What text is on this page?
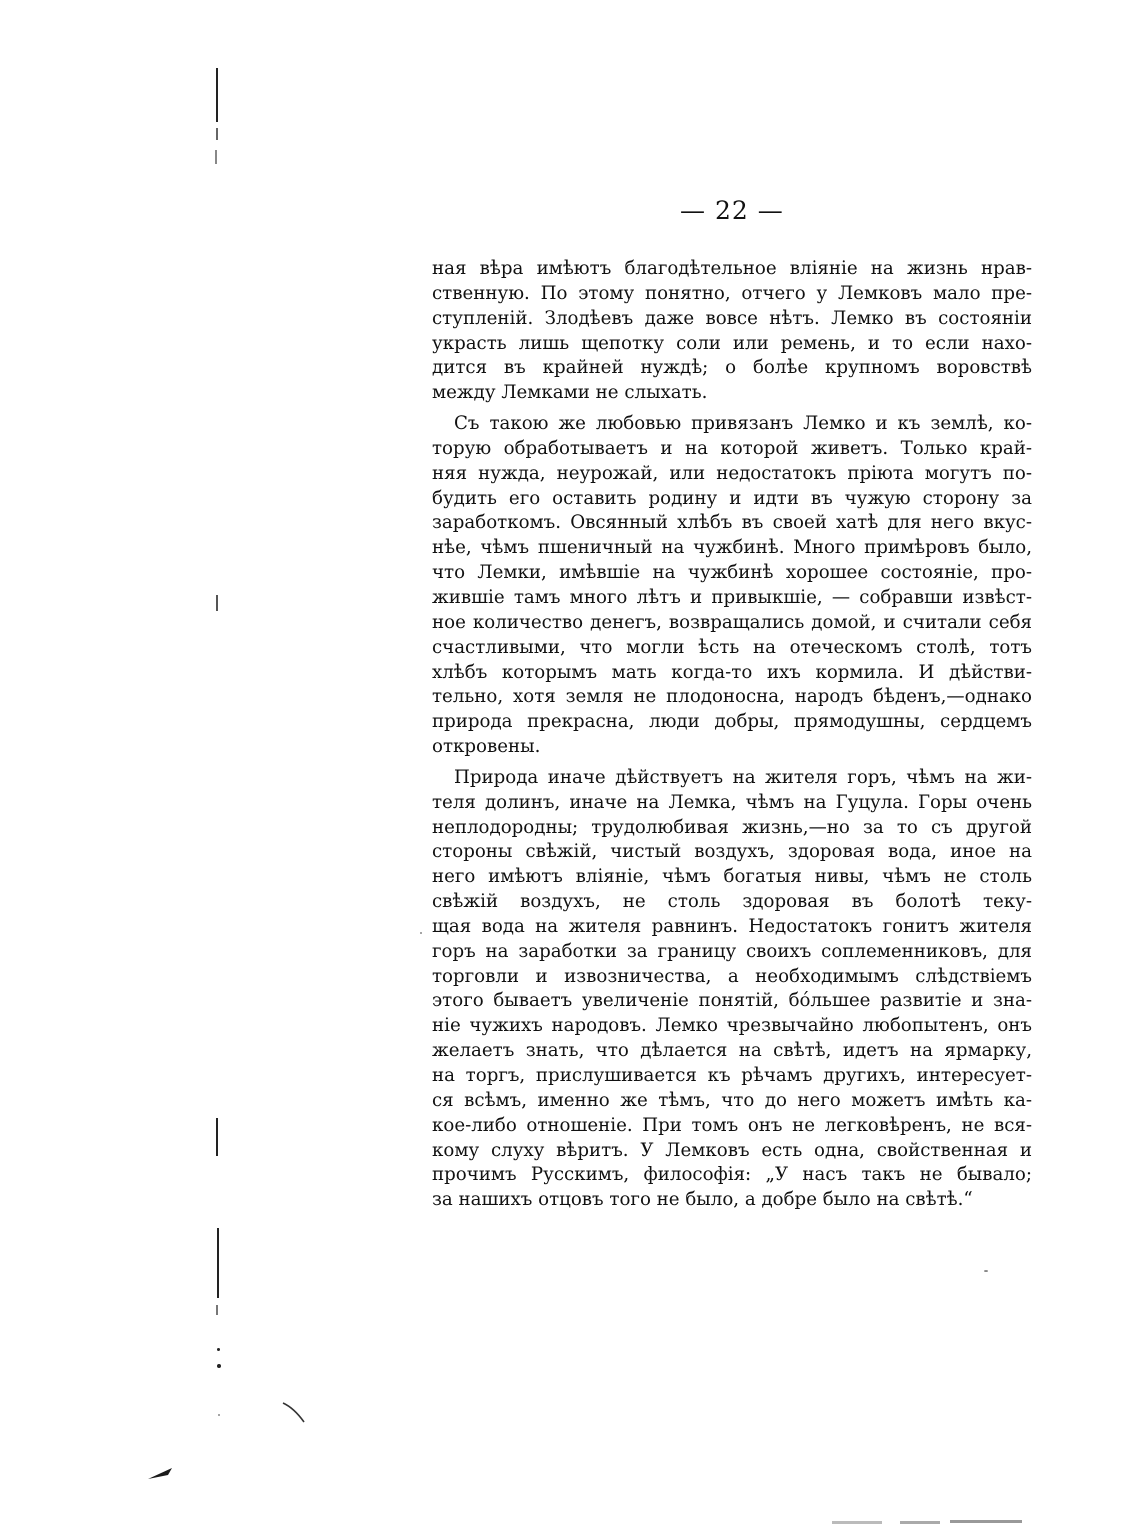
— 22 —
ная вѣра имѣютъ благодѣтельное вліяніе на жизнь нрав-
ственную. По этому понятно, отчего у Лемковъ мало пре-
ступленій. Злодѣевъ даже вовсе нѣтъ. Лемко въ состояніи
украсть лишь щепотку соли или ремень, и то если нахо-
дится въ крайней нуждѣ; о болѣе крупномъ воровствѣ
между Лемками не слыхать.
Съ такою же любовью привязанъ Лемко и къ землѣ, ко-
торую обработываетъ и на которой живетъ. Только край-
няя нужда, неурожай, или недостатокъ пріюта могутъ по-
будить его оставить родину и идти въ чужую сторону за
заработкомъ. Овсянный хлѣбъ въ своей хатѣ для него вкус-
нѣе, чѣмъ пшеничный на чужбинѣ. Много примѣровъ было,
что Лемки, имѣвшіе на чужбинѣ хорошее состояніе, про-
жившіе тамъ много лѣтъ и привыкшіе, — собравши извѣст-
ное количество денегъ, возвращались домой, и считали себя
счастливыми, что могли ѣсть на отеческомъ столѣ, тотъ
хлѣбъ которымъ мать когда-то ихъ кормила. И дѣйстви-
тельно, хотя земля не плодоносна, народъ бѣденъ,—однако
природа прекрасна, люди добры, прямодушны, сердцемъ
откровены.
Природа иначе дѣйствуетъ на жителя горъ, чѣмъ на жи-
теля долинъ, иначе на Лемка, чѣмъ на Гуцула. Горы очень
неплодородны; трудолюбивая жизнь,—но за то съ другой
стороны свѣжій, чистый воздухъ, здоровая вода, иное на
него имѣютъ вліяніе, чѣмъ богатыя нивы, чѣмъ не столь
свѣжій воздухъ, не столь здоровая въ болотѣ теку-
щая вода на жителя равнинъ. Недостатокъ гонитъ жителя
горъ на заработки за границу своихъ соплеменниковъ, для
торговли и извозничества, а необходимымъ слѣдствіемъ
этого бываетъ увеличеніе понятій, бóльшее развитіе и зна-
ніе чужихъ народовъ. Лемко чрезвычайно любопытенъ, онъ
желаетъ знать, что дѣлается на свѣтѣ, идетъ на ярмарку,
на торгъ, прислушивается къ рѣчамъ другихъ, интересует-
ся всѣмъ, именно же тѣмъ, что до него можетъ имѣть ка-
кое-либо отношеніе. При томъ онъ не легковѣренъ, не вся-
кому слуху вѣритъ. У Лемковъ есть одна, свойственная и
прочимъ Русскимъ, философія: „У насъ такъ не бывало;
за нашихъ отцовъ того не было, а добре было на свѣтѣ.“
